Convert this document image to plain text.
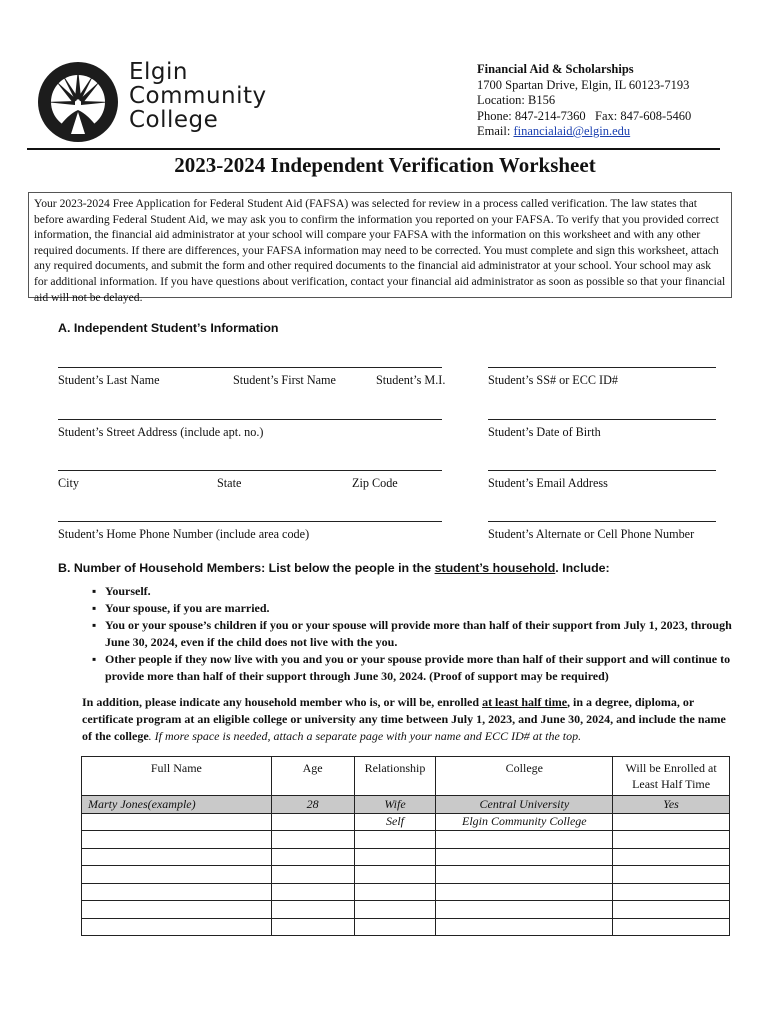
Elgin
Community
College
Financial Aid & Scholarships
1700 Spartan Drive, Elgin, IL 60123-7193
Location: B156
Phone: 847-214-7360   Fax: 847-608-5460
Email: financialaid@elgin.edu
2023-2024 Independent Verification Worksheet
Your 2023-2024 Free Application for Federal Student Aid (FAFSA) was selected for review in a process called verification. The law states that before awarding Federal Student Aid, we may ask you to confirm the information you reported on your FAFSA. To verify that you provided correct information, the financial aid administrator at your school will compare your FAFSA with the information on this worksheet and with any other required documents. If there are differences, your FAFSA information may need to be corrected. You must complete and sign this worksheet, attach any required documents, and submit the form and other required documents to the financial aid administrator at your school. Your school may ask for additional information. If you have questions about verification, contact your financial aid administrator as soon as possible so that your financial aid will not be delayed.
A. Independent Student’s Information
Student’s Last Name	Student’s First Name	Student’s M.I.	Student’s SS# or ECC ID#
Student’s Street Address (include apt. no.)	Student’s Date of Birth
City	State	Zip Code	Student’s Email Address
Student’s Home Phone Number (include area code)	Student’s Alternate or Cell Phone Number
B. Number of Household Members: List below the people in the student’s household. Include:
▪ Yourself.
▪ Your spouse, if you are married.
▪ You or your spouse’s children if you or your spouse will provide more than half of their support from July 1, 2023, through June 30, 2024, even if the child does not live with the you.
▪ Other people if they now live with you and you or your spouse provide more than half of their support and will continue to provide more than half of their support through June 30, 2024. (Proof of support may be required)
In addition, please indicate any household member who is, or will be, enrolled at least half time, in a degree, diploma, or certificate program at an eligible college or university any time between July 1, 2023, and June 30, 2024, and include the name of the college. If more space is needed, attach a separate page with your name and ECC ID# at the top.
Full Name	Age	Relationship	College	Will be Enrolled at Least Half Time
Marty Jones(example)	28	Wife	Central University	Yes
		Self	Elgin Community College	
